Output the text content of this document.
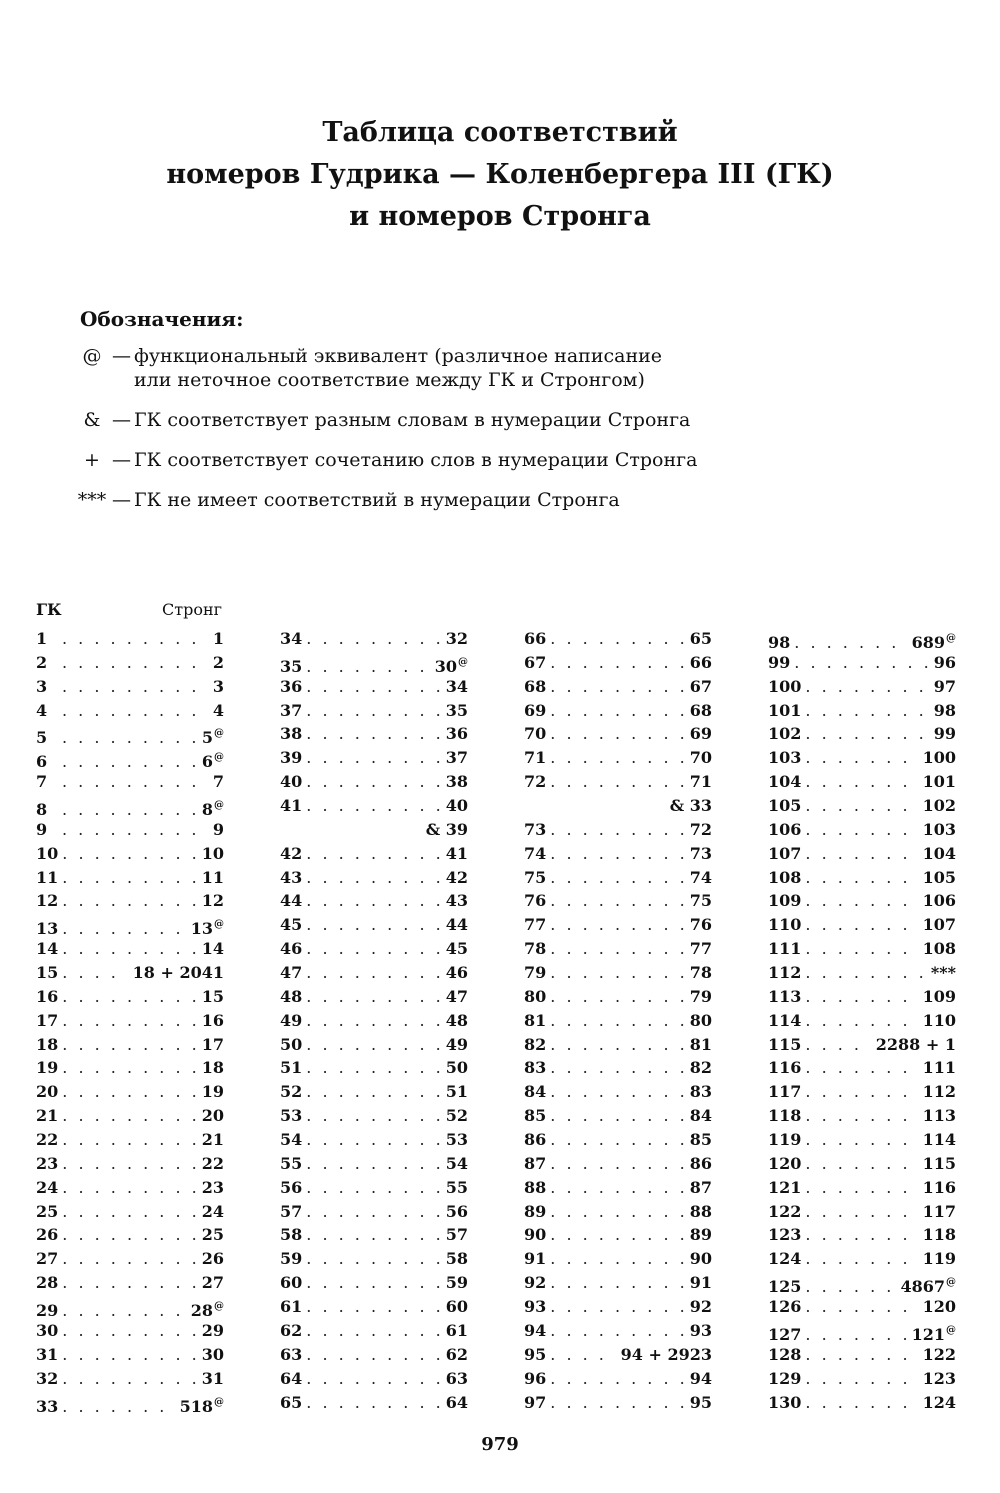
Таблица соответствий
номеров Гудрика — Коленбергера III (ГК)
и номеров Стронга
Обозначения:
@ — функциональный эквивалент (различное написание
или неточное соответствие между ГК и Стронгом)
& — ГК соответствует разным словам в нумерации Стронга
+ — ГК соответствует сочетанию слов в нумерации Стронга
*** — ГК не имеет соответствий в нумерации Стронга
ГК	Стронг
1 . . .	1
2 . . .	2
3 . . .	3
4 . . .	4
5 . . .	5@
6 . . .	6@
7 . . .	7
8 . . .	8@
9 . . .	9
10 . . .	10
11 . . .	11
12 . . .	12
13 . . .	13@
14 . . .	14
15 . . .	18 + 2041
16 . . .	15
17 . . .	16
18 . . .	17
19 . . .	18
20 . . .	19
21 . . .	20
22 . . .	21
23 . . .	22
24 . . .	23
25 . . .	24
26 . . .	25
27 . . .	26
28 . . .	27
29 . . .	28@
30 . . .	29
31 . . .	30
32 . . .	31
33 . . .	518@
34 . . .	32
35 . . .	30@
36 . . .	34
37 . . .	35
38 . . .	36
39 . . .	37
40 . . .	38
41 . . .	40
& 39
42 . . .	41
43 . . .	42
44 . . .	43
45 . . .	44
46 . . .	45
47 . . .	46
48 . . .	47
49 . . .	48
50 . . .	49
51 . . .	50
52 . . .	51
53 . . .	52
54 . . .	53
55 . . .	54
56 . . .	55
57 . . .	56
58 . . .	57
59 . . .	58
60 . . .	59
61 . . .	60
62 . . .	61
63 . . .	62
64 . . .	63
65 . . .	64
66 . . .	65
67 . . .	66
68 . . .	67
69 . . .	68
70 . . .	69
71 . . .	70
72 . . .	71
& 33
73 . . .	72
74 . . .	73
75 . . .	74
76 . . .	75
77 . . .	76
78 . . .	77
79 . . .	78
80 . . .	79
81 . . .	80
82 . . .	81
83 . . .	82
84 . . .	83
85 . . .	84
86 . . .	85
87 . . .	86
88 . . .	87
89 . . .	88
90 . . .	89
91 . . .	90
92 . . .	91
93 . . .	92
94 . . .	93
95 . . .	94 + 2923
96 . . .	94
97 . . .	95
98 . . .	689@
99 . . .	96
100 . . .	97
101 . . .	98
102 . . .	99
103 . . .	100
104 . . .	101
105 . . .	102
106 . . .	103
107 . . .	104
108 . . .	105
109 . . .	106
110 . . .	107
111 . . .	108
112 . . .	***
113 . . .	109
114 . . .	110
115 . . .	2288 + 1
116 . . .	111
117 . . .	112
118 . . .	113
119 . . .	114
120 . . .	115
121 . . .	116
122 . . .	117
123 . . .	118
124 . . .	119
125 . . .	4867@
126 . . .	120
127 . . .	121@
128 . . .	122
129 . . .	123
130 . . .	124
979
